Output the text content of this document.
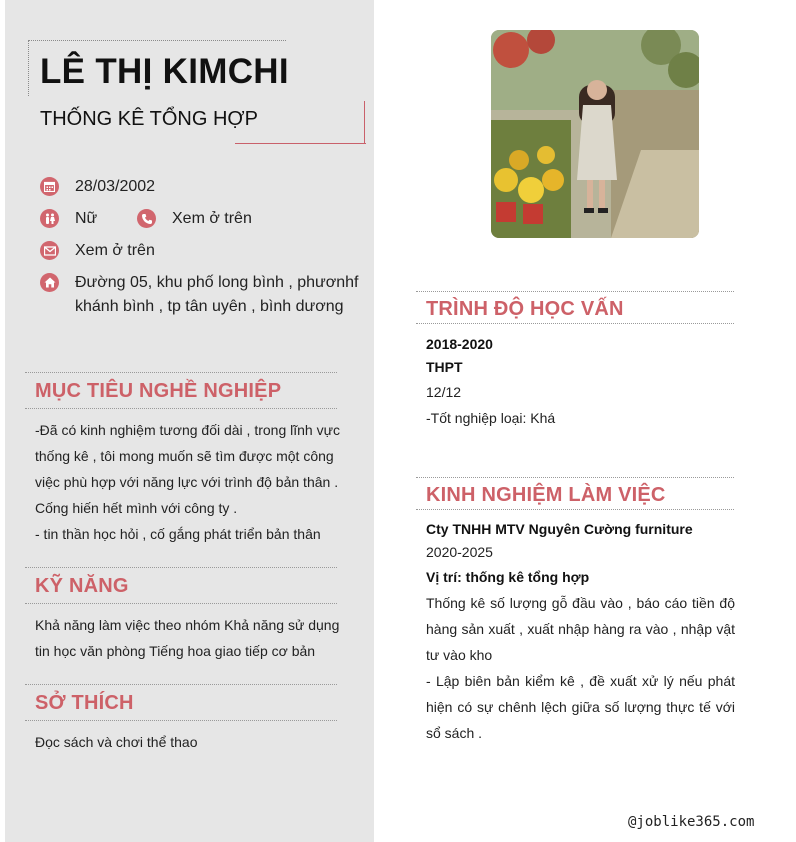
LÊ THỊ KIMCHI
THỐNG KÊ TỔNG HỢP
28/03/2002
Nữ	Xem ở trên
Xem ở trên
Đường 05, khu phố long bình , phươnhf
khánh bình , tp tân uyên , bình dương
MỤC TIÊU NGHỀ NGHIỆP
-Đã có kinh nghiệm tương đối dài , trong lĩnh vực
thống kê , tôi mong muốn sẽ tìm được một công
việc phù hợp với năng lực với trình độ bản thân .
Cống hiến hết mình với công ty .
- tin thần học hỏi , cố gắng phát triển bản thân
KỸ NĂNG
Khả năng làm việc theo nhóm Khả năng sử dụng
tin học văn phòng Tiếng hoa giao tiếp cơ bản
SỞ THÍCH
Đọc sách và chơi thể thao
TRÌNH ĐỘ HỌC VẤN
2018-2020
THPT
12/12
-Tốt nghiệp loại: Khá
KINH NGHIỆM LÀM VIỆC
Cty TNHH MTV Nguyên Cường furniture
2020-2025
Vị trí: thống kê tổng hợp
Thống kê số lượng gỗ đầu vào , báo cáo tiền độ hàng sản xuất , xuất nhập hàng ra vào , nhập vật tư vào kho
- Lập biên bản kiểm kê , đề xuất xử lý nếu phát hiện có sự chênh lệch giữa số lượng thực tế với sổ sách .
@joblike365.com
